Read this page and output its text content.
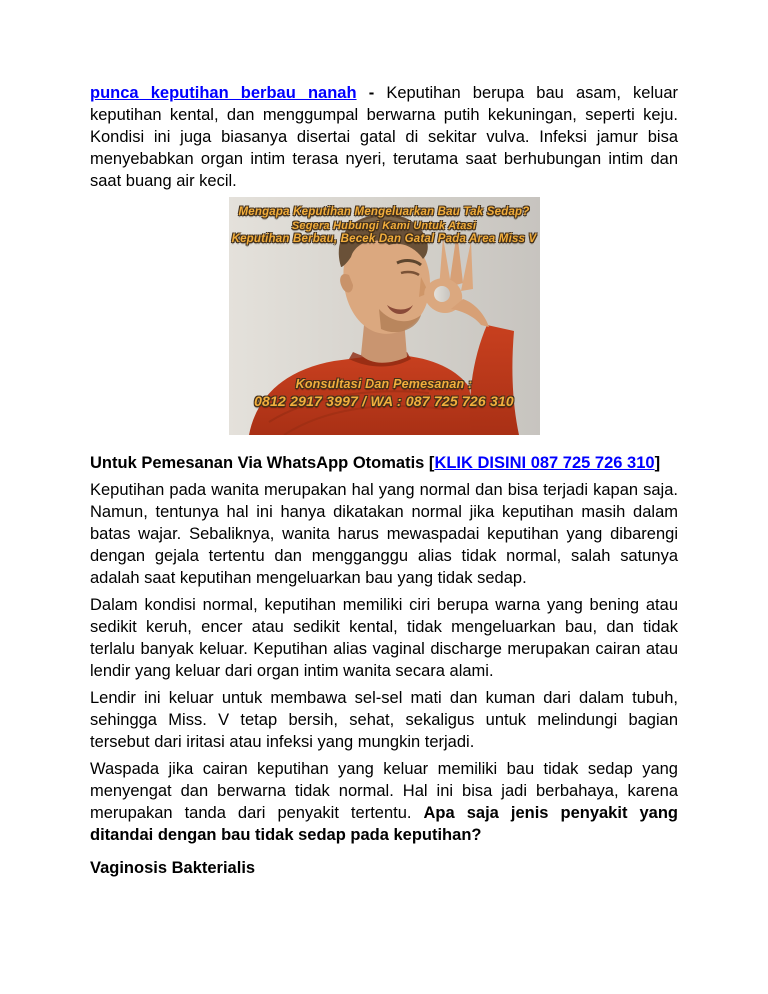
punca keputihan berbau nanah - Keputihan berupa bau asam, keluar keputihan kental, dan menggumpal berwarna putih kekuningan, seperti keju. Kondisi ini juga biasanya disertai gatal di sekitar vulva. Infeksi jamur bisa menyebabkan organ intim terasa nyeri, terutama saat berhubungan intim dan saat buang air kecil.

Mengapa Keputihan Mengeluarkan Bau Tak Sedap?
Segera Hubungi Kami Untuk Atasi
Keputihan Berbau, Becek Dan Gatal Pada Area Miss V
Konsultasi Dan Pemesanan :
0812 2917 3997 / WA : 087 725 726 310

Untuk Pemesanan Via WhatsApp Otomatis [KLIK DISINI 087 725 726 310]

Keputihan pada wanita merupakan hal yang normal dan bisa terjadi kapan saja. Namun, tentunya hal ini hanya dikatakan normal jika keputihan masih dalam batas wajar. Sebaliknya, wanita harus mewaspadai keputihan yang dibarengi dengan gejala tertentu dan mengganggu alias tidak normal, salah satunya adalah saat keputihan mengeluarkan bau yang tidak sedap.

Dalam kondisi normal, keputihan memiliki ciri berupa warna yang bening atau sedikit keruh, encer atau sedikit kental, tidak mengeluarkan bau, dan tidak terlalu banyak keluar. Keputihan alias vaginal discharge merupakan cairan atau lendir yang keluar dari organ intim wanita secara alami.

Lendir ini keluar untuk membawa sel-sel mati dan kuman dari dalam tubuh, sehingga Miss. V tetap bersih, sehat, sekaligus untuk melindungi bagian tersebut dari iritasi atau infeksi yang mungkin terjadi.

Waspada jika cairan keputihan yang keluar memiliki bau tidak sedap yang menyengat dan berwarna tidak normal. Hal ini bisa jadi berbahaya, karena merupakan tanda dari penyakit tertentu. Apa saja jenis penyakit yang ditandai dengan bau tidak sedap pada keputihan?

Vaginosis Bakterialis
